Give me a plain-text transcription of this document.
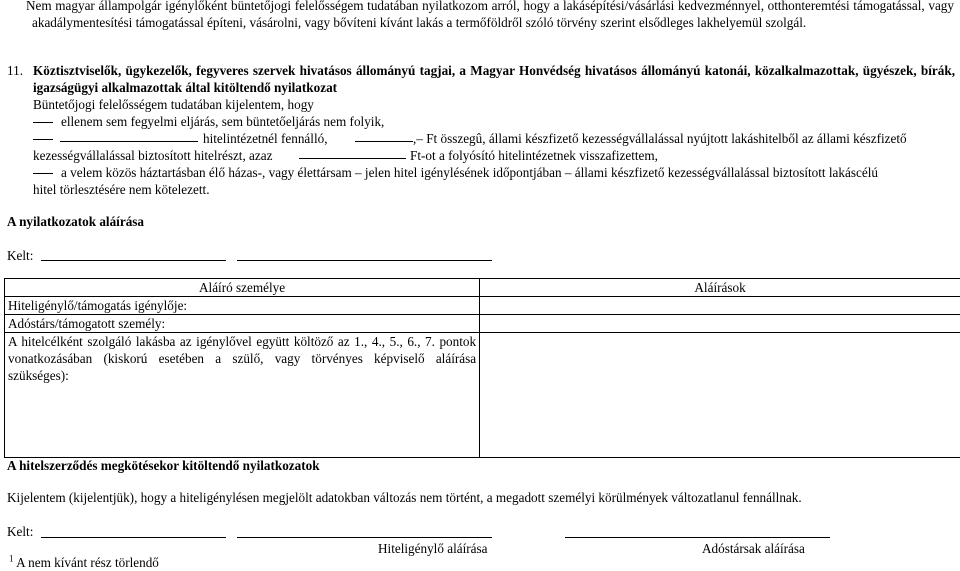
Nem magyar állampolgár igénylőként büntetőjogi felelősségem tudatában nyilatkozom arról, hogy a lakásépítési/vásárlási kedvezménnyel, otthonteremtési támogatással, vagy akadálymentesítési támogatással építeni, vásárolni, vagy bővíteni kívánt lakás a termőföldről szóló törvény szerint elsődleges lakhelyemül szolgál.
11. Köztisztviselők, ügykezelők, fegyveres szervek hivatásos állományú tagjai, a Magyar Honvédség hivatásos állományú katonái, közalkalmazottak, ügyészek, bírák, igazságügyi alkalmazottak által kitöltendő nyilatkozat
Büntetőjogi felelősségem tudatában kijelentem, hogy
ellenem sem fegyelmi eljárás, sem büntetőeljárás nem folyik,
hitelintézetnél fennálló,	,– Ft összegû, állami készfizető kezességvállalással nyújtott lakáshitelből az állami készfizető
kezességvállalással biztosított hitelrészt, azaz	Ft-ot a folyósító hitelintézetnek visszafizettem,
a velem közös háztartásban élő házas-, vagy élettársam – jelen hitel igénylésének időpontjában – állami készfizető kezességvállalással biztosított lakáscélú
hitel törlesztésére nem kötelezett.
A nyilatkozatok aláírása
Kelt:
Aláíró személye	Aláírások
Hiteligénylő/támogatás igénylője:	
Adóstárs/támogatott személy:	
A hitelcélként szolgáló lakásba az igénylővel együtt költöző az 1., 4., 5., 6., 7. pontok vonatkozásában (kiskorú esetében a szülő, vagy törvényes képviselő aláírása szükséges):	
A hitelszerződés megkötésekor kitöltendő nyilatkozatok
Kijelentem (kijelentjük), hogy a hiteligénylésen megjelölt adatokban változás nem történt, a megadott személyi körülmények változatlanul fennállnak.
Kelt:
Hiteligénylő aláírása	Adóstársak aláírása
$^1$ A nem kívánt rész törlendő
